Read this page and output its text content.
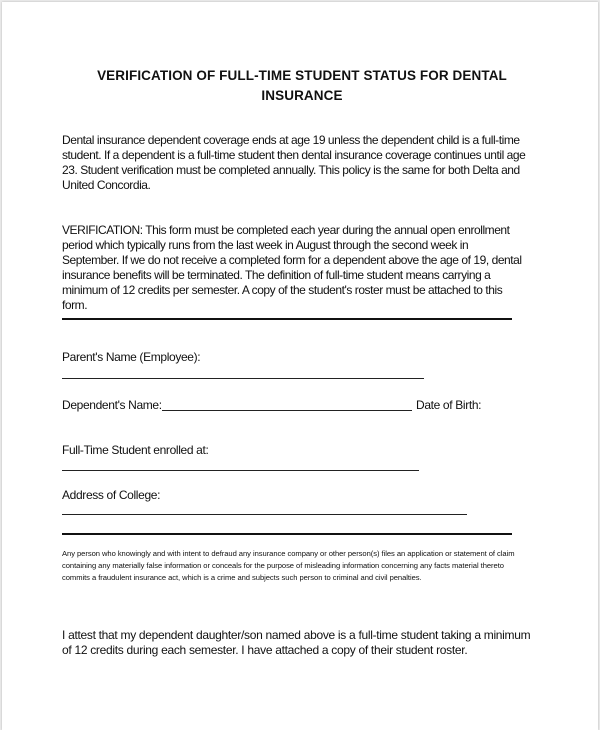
VERIFICATION OF FULL-TIME STUDENT STATUS FOR DENTAL
INSURANCE
Dental insurance dependent coverage ends at age 19 unless the dependent child is a full-time student. If a dependent is a full-time student then dental insurance coverage continues until age 23. Student verification must be completed annually. This policy is the same for both Delta and United Concordia.
VERIFICATION: This form must be completed each year during the annual open enrollment period which typically runs from the last week in August through the second week in September. If we do not receive a completed form for a dependent above the age of 19, dental insurance benefits will be terminated. The definition of full-time student means carrying a minimum of 12 credits per semester. A copy of the student's roster must be attached to this form.
Parent's Name (Employee):
Dependent's Name:	Date of Birth:
Full-Time Student enrolled at:
Address of College:
Any person who knowingly and with intent to defraud any insurance company or other person(s) files an application or statement of claim containing any materially false information or conceals for the purpose of misleading information concerning any facts material thereto commits a fraudulent insurance act, which is a crime and subjects such person to criminal and civil penalties.
I attest that my dependent daughter/son named above is a full-time student taking a minimum of 12 credits during each semester. I have attached a copy of their student roster.
